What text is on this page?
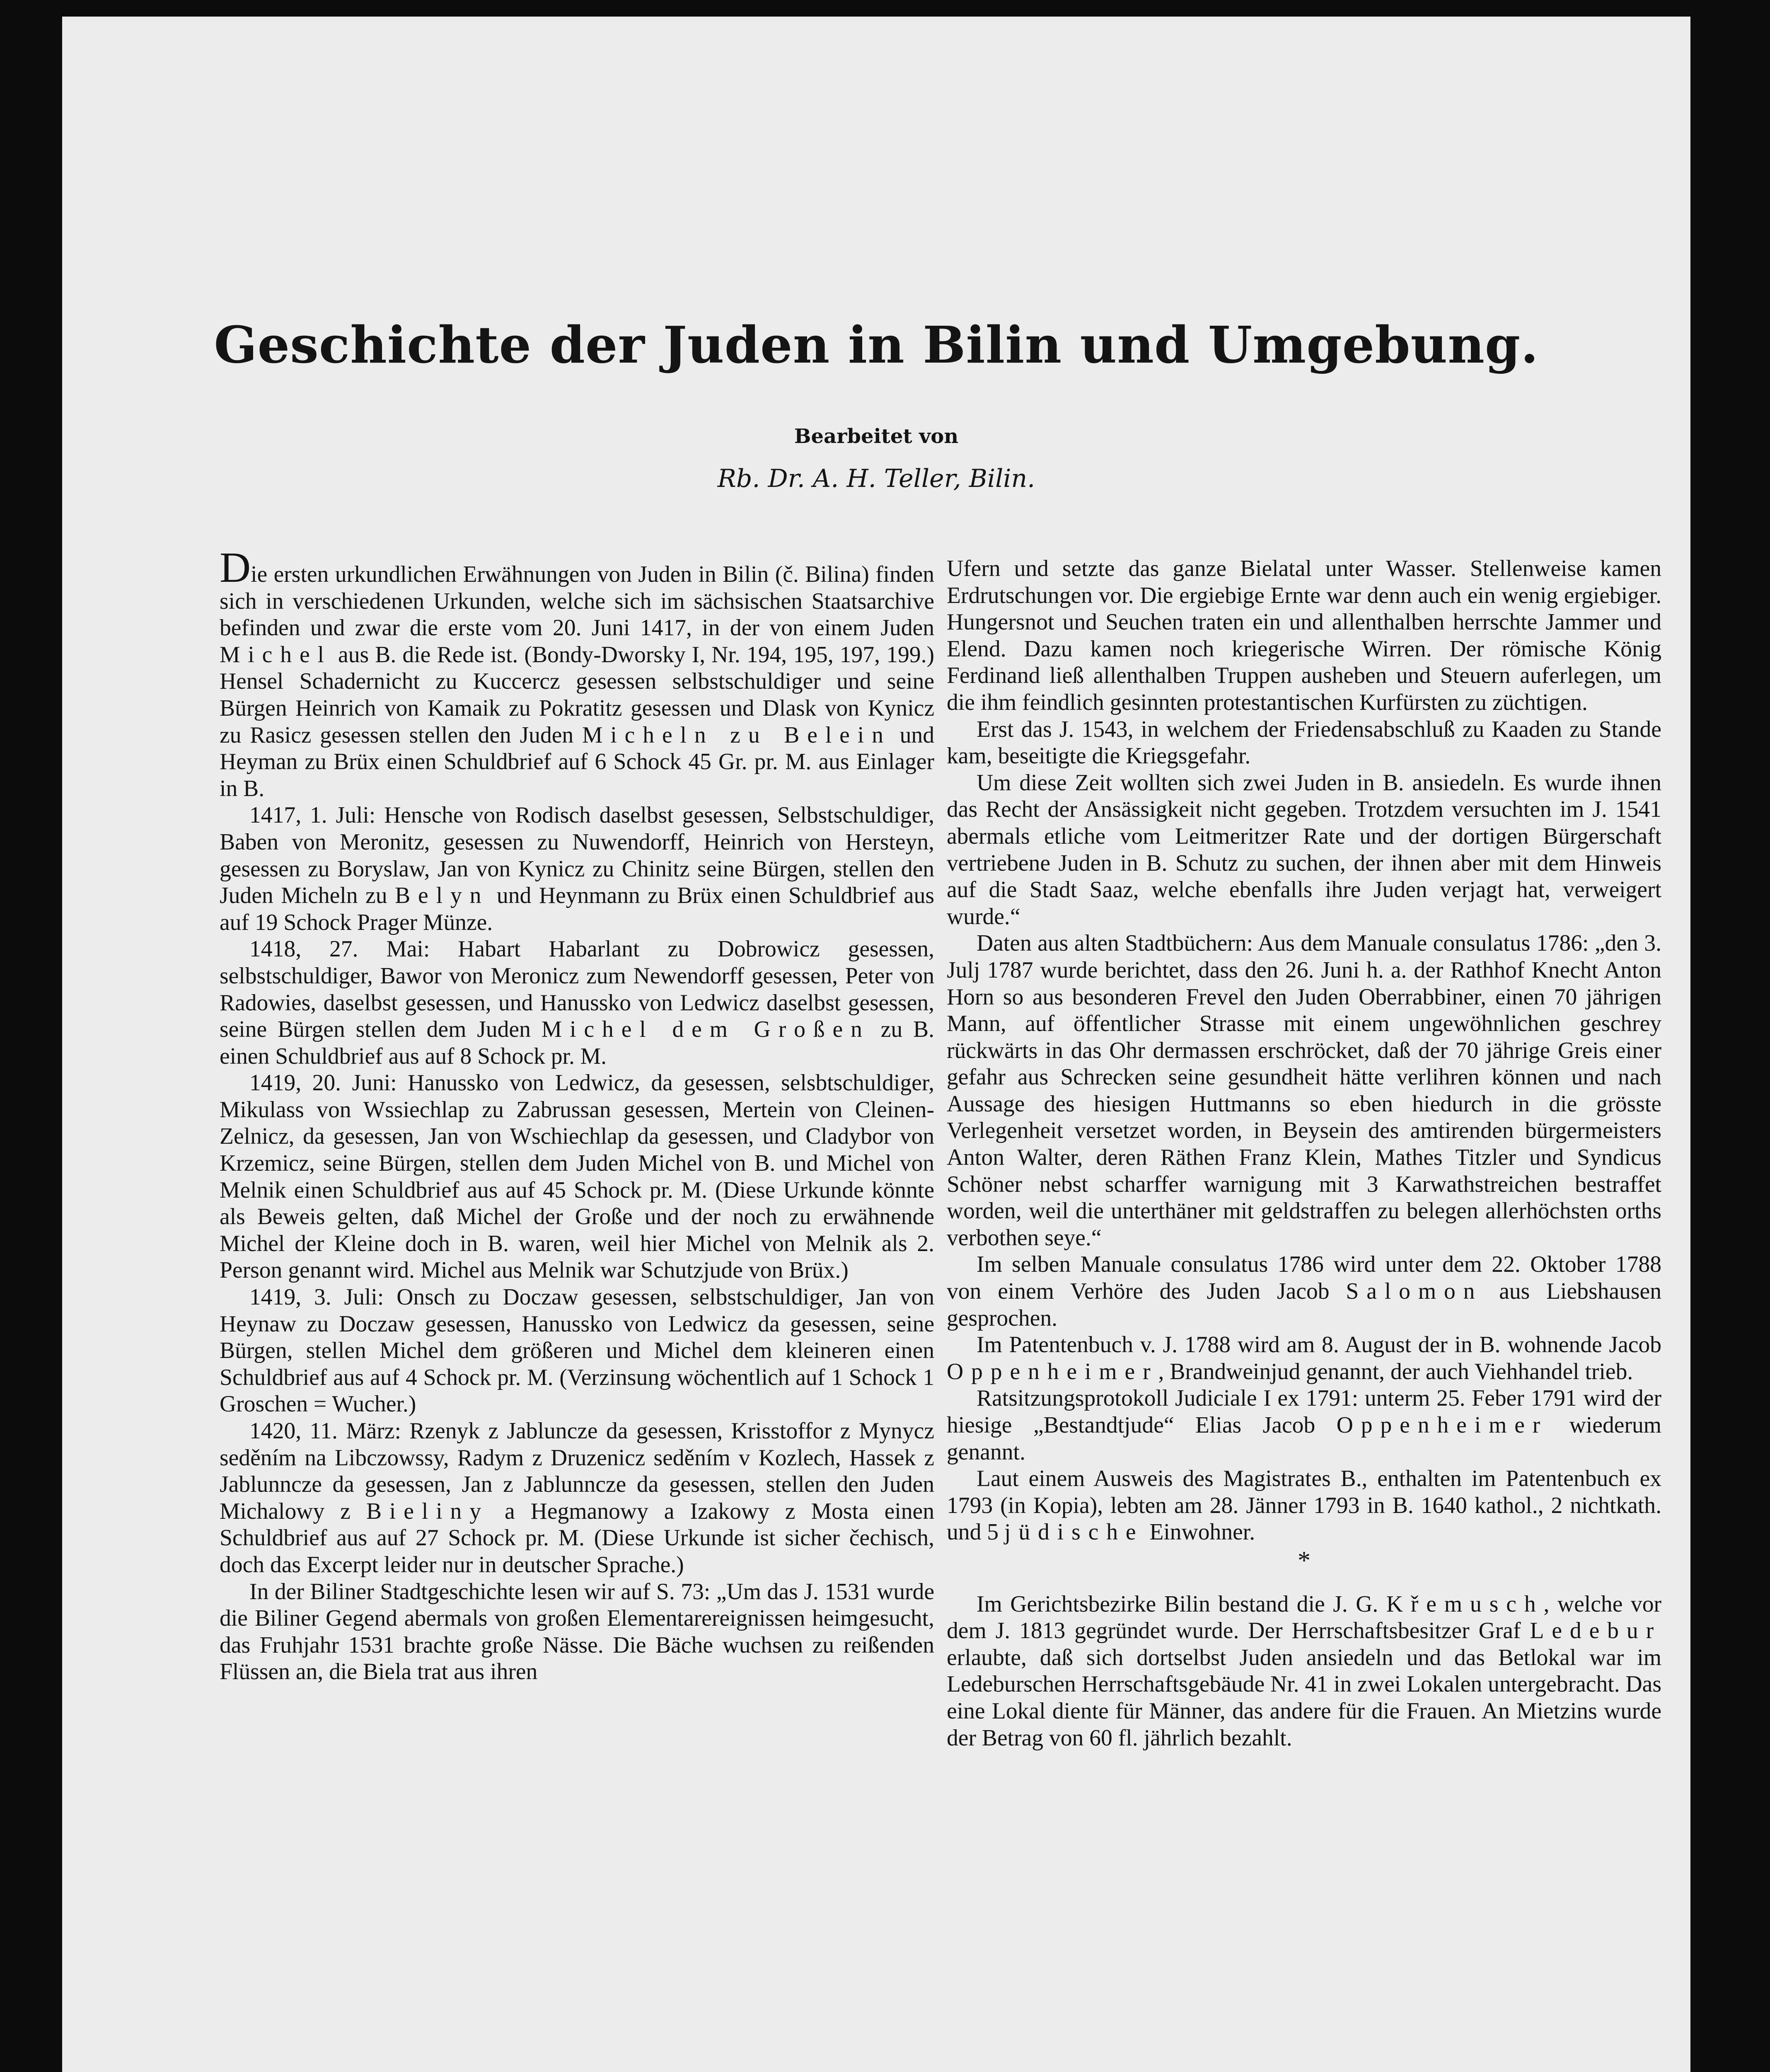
Geschichte der Juden in Bilin und Umgebung.
Bearbeitet von
Rb. Dr. A. H. Teller, Bilin.

Die ersten urkundlichen Erwähnungen von Juden in Bilin (č. Bilina) finden sich in verschiedenen Urkunden, welche sich im sächsischen Staatsarchive befinden und zwar die erste vom 20. Juni 1417, in der von einem Juden Michel aus B. die Rede ist. (Bondy-Dworsky I, Nr. 194, 195, 197, 199.) Hensel Schadernicht zu Kuccercz gesessen selbstschuldiger und seine Bürgen Heinrich von Kamaik zu Pokratitz gesessen und Dlask von Kynicz zu Rasicz gesessen stellen den Juden Micheln zu Belein und Heyman zu Brüx einen Schuldbrief auf 6 Schock 45 Gr. pr. M. aus Einlager in B.

1417, 1. Juli: Hensche von Rodisch daselbst gesessen, Selbstschuldiger, Baben von Meronitz, gesessen zu Nuwendorff, Heinrich von Hersteyn, gesessen zu Boryslaw, Jan von Kynicz zu Chinitz seine Bürgen, stellen den Juden Micheln zu Belyn und Heynmann zu Brüx einen Schuldbrief aus auf 19 Schock Prager Münze.

1418, 27. Mai: Habart Habarlant zu Dobrowicz gesessen, selbstschuldiger, Bawor von Meronicz zum Newendorff gesessen, Peter von Radowies, daselbst gesessen, und Hanussko von Ledwicz daselbst gesessen, seine Bürgen stellen dem Juden Michel dem Großen zu B. einen Schuldbrief aus auf 8 Schock pr. M.

1419, 20. Juni: Hanussko von Ledwicz, da gesessen, selsbtschuldiger, Mikulass von Wssiechlap zu Zabrussan gesessen, Mertein von Cleinen-Zelnicz, da gesessen, Jan von Wschiechlap da gesessen, und Cladybor von Krzemicz, seine Bürgen, stellen dem Juden Michel von B. und Michel von Melnik einen Schuldbrief aus auf 45 Schock pr. M. (Diese Urkunde könnte als Beweis gelten, daß Michel der Große und der noch zu erwähnende Michel der Kleine doch in B. waren, weil hier Michel von Melnik als 2. Person genannt wird. Michel aus Melnik war Schutzjude von Brüx.)

1419, 3. Juli: Onsch zu Doczaw gesessen, selbstschuldiger, Jan von Heynaw zu Doczaw gesessen, Hanussko von Ledwicz da gesessen, seine Bürgen, stellen Michel dem größeren und Michel dem kleineren einen Schuldbrief aus auf 4 Schock pr. M. (Verzinsung wöchentlich auf 1 Schock 1 Groschen = Wucher.)

1420, 11. März: Rzenyk z Jabluncze da gesessen, Krisstoffor z Mynycz seděním na Libczowssy, Radym z Druzenicz seděním v Kozlech, Hassek z Jablunncze da gesessen, Jan z Jablunncze da gesessen, stellen den Juden Michalowy z Bieliny a Hegmanowy a Izakowy z Mosta einen Schuldbrief aus auf 27 Schock pr. M. (Diese Urkunde ist sicher čechisch, doch das Excerpt leider nur in deutscher Sprache.)

In der Biliner Stadtgeschichte lesen wir auf S. 73: „Um das J. 1531 wurde die Biliner Gegend abermals von großen Elementarereignissen heimgesucht, das Fruhjahr 1531 brachte große Nässe. Die Bäche wuchsen zu reißenden Flüssen an, die Biela trat aus ihren

Ufern und setzte das ganze Bielatal unter Wasser. Stellenweise kamen Erdrutschungen vor. Die ergiebige Ernte war denn auch ein wenig ergiebiger. Hungersnot und Seuchen traten ein und allenthalben herrschte Jammer und Elend. Dazu kamen noch kriegerische Wirren. Der römische König Ferdinand ließ allenthalben Truppen ausheben und Steuern auferlegen, um die ihm feindlich gesinnten protestantischen Kurfürsten zu züchtigen.

Erst das J. 1543, in welchem der Friedensabschluß zu Kaaden zu Stande kam, beseitigte die Kriegsgefahr.

Um diese Zeit wollten sich zwei Juden in B. ansiedeln. Es wurde ihnen das Recht der Ansässigkeit nicht gegeben. Trotzdem versuchten im J. 1541 abermals etliche vom Leitmeritzer Rate und der dortigen Bürgerschaft vertriebene Juden in B. Schutz zu suchen, der ihnen aber mit dem Hinweis auf die Stadt Saaz, welche ebenfalls ihre Juden verjagt hat, verweigert wurde.“

Daten aus alten Stadtbüchern: Aus dem Manuale consulatus 1786: „den 3. Julj 1787 wurde berichtet, dass den 26. Juni h. a. der Rathhof Knecht Anton Horn so aus besonderen Frevel den Juden Oberrabbiner, einen 70 jährigen Mann, auf öffentlicher Strasse mit einem ungewöhnlichen geschrey rückwärts in das Ohr dermassen erschröcket, daß der 70 jährige Greis einer gefahr aus Schrecken seine gesundheit hätte verlihren können und nach Aussage des hiesigen Huttmanns so eben hiedurch in die grösste Verlegenheit versetzet worden, in Beysein des amtirenden bürgermeisters Anton Walter, deren Räthen Franz Klein, Mathes Titzler und Syndicus Schöner nebst scharffer warnigung mit 3 Karwathstreichen bestraffet worden, weil die unterthäner mit geldstraffen zu belegen allerhöchsten orths verbothen seye.“

Im selben Manuale consulatus 1786 wird unter dem 22. Oktober 1788 von einem Verhöre des Juden Jacob Salomon aus Liebshausen gesprochen.

Im Patentenbuch v. J. 1788 wird am 8. August der in B. wohnende Jacob Oppenheimer, Brandweinjud genannt, der auch Viehhandel trieb.

Ratsitzungsprotokoll Judiciale I ex 1791: unterm 25. Feber 1791 wird der hiesige „Bestandtjude“ Elias Jacob Oppenheimer wiederum genannt.

Laut einem Ausweis des Magistrates B., enthalten im Patentenbuch ex 1793 (in Kopia), lebten am 28. Jänner 1793 in B. 1640 kathol., 2 nichtkath. und 5 jüdische Einwohner.

*

Im Gerichtsbezirke Bilin bestand die J. G. Křemusch, welche vor dem J. 1813 gegründet wurde. Der Herrschaftsbesitzer Graf Ledebur erlaubte, daß sich dortselbst Juden ansiedeln und das Betlokal war im Ledeburschen Herrschaftsgebäude Nr. 41 in zwei Lokalen untergebracht. Das eine Lokal diente für Männer, das andere für die Frauen. An Mietzins wurde der Betrag von 60 fl. jährlich bezahlt.
